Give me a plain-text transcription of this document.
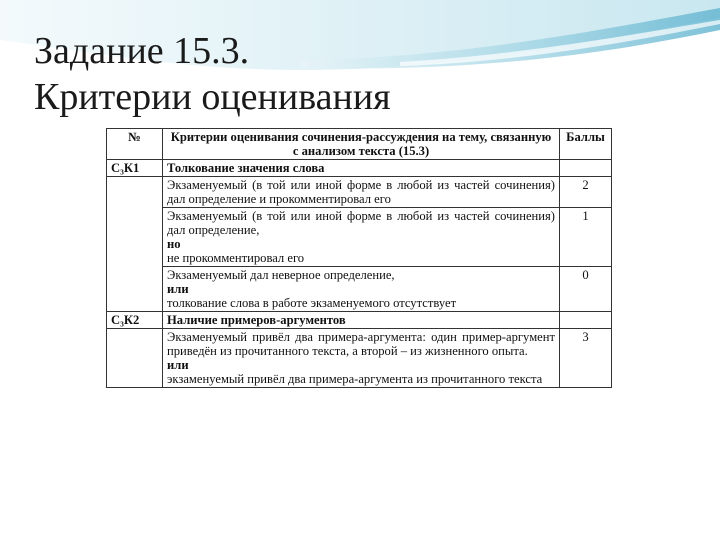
Задание 15.3.
Критерии оценивания
№	Критерии оценивания сочинения-рассуждения на тему, связанную с анализом текста (15.3)	Баллы
С₃К1	Толкование значения слова	
	Экзаменуемый (в той или иной форме в любой из частей сочинения) дал определение и прокомментировал его	2
	Экзаменуемый (в той или иной форме в любой из частей сочинения) дал определение,
но
не прокомментировал его	1
	Экзаменуемый дал неверное определение,
или
толкование слова в работе экзаменуемого отсутствует	0
С₃К2	Наличие примеров-аргументов	
	Экзаменуемый привёл два примера-аргумента: один пример-аргумент приведён из прочитанного текста, а второй – из жизненного опыта.
или
экзаменуемый привёл два примера-аргумента из прочитанного текста	3
